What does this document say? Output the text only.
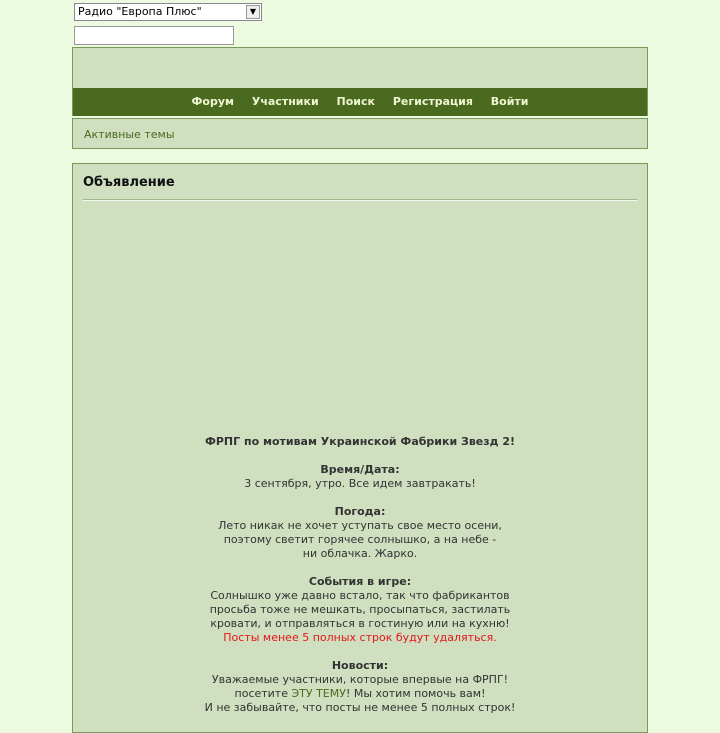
Радио "Европа Плюс"	▼
Форум Участники Поиск Регистрация Войти
Активные темы
Объявление
ФРПГ по мотивам Украинской Фабрики Звезд 2!
Время/Дата:
3 сентября, утро. Все идем завтракать!
Погода:
Лето никак не хочет уступать свое место осени,
поэтому светит горячее солнышко, а на небе -
ни облачка. Жарко.
События в игре:
Солнышко уже давно встало, так что фабрикантов
просьба тоже не мешкать, просыпаться, застилать
кровати, и отправляться в гостиную или на кухню!
Посты менее 5 полных строк будут удаляться.
Новости:
Уважаемые участники, которые впервые на ФРПГ!
посетите ЭТУ ТЕМУ! Мы хотим помочь вам!
И не забывайте, что посты не менее 5 полных строк!
